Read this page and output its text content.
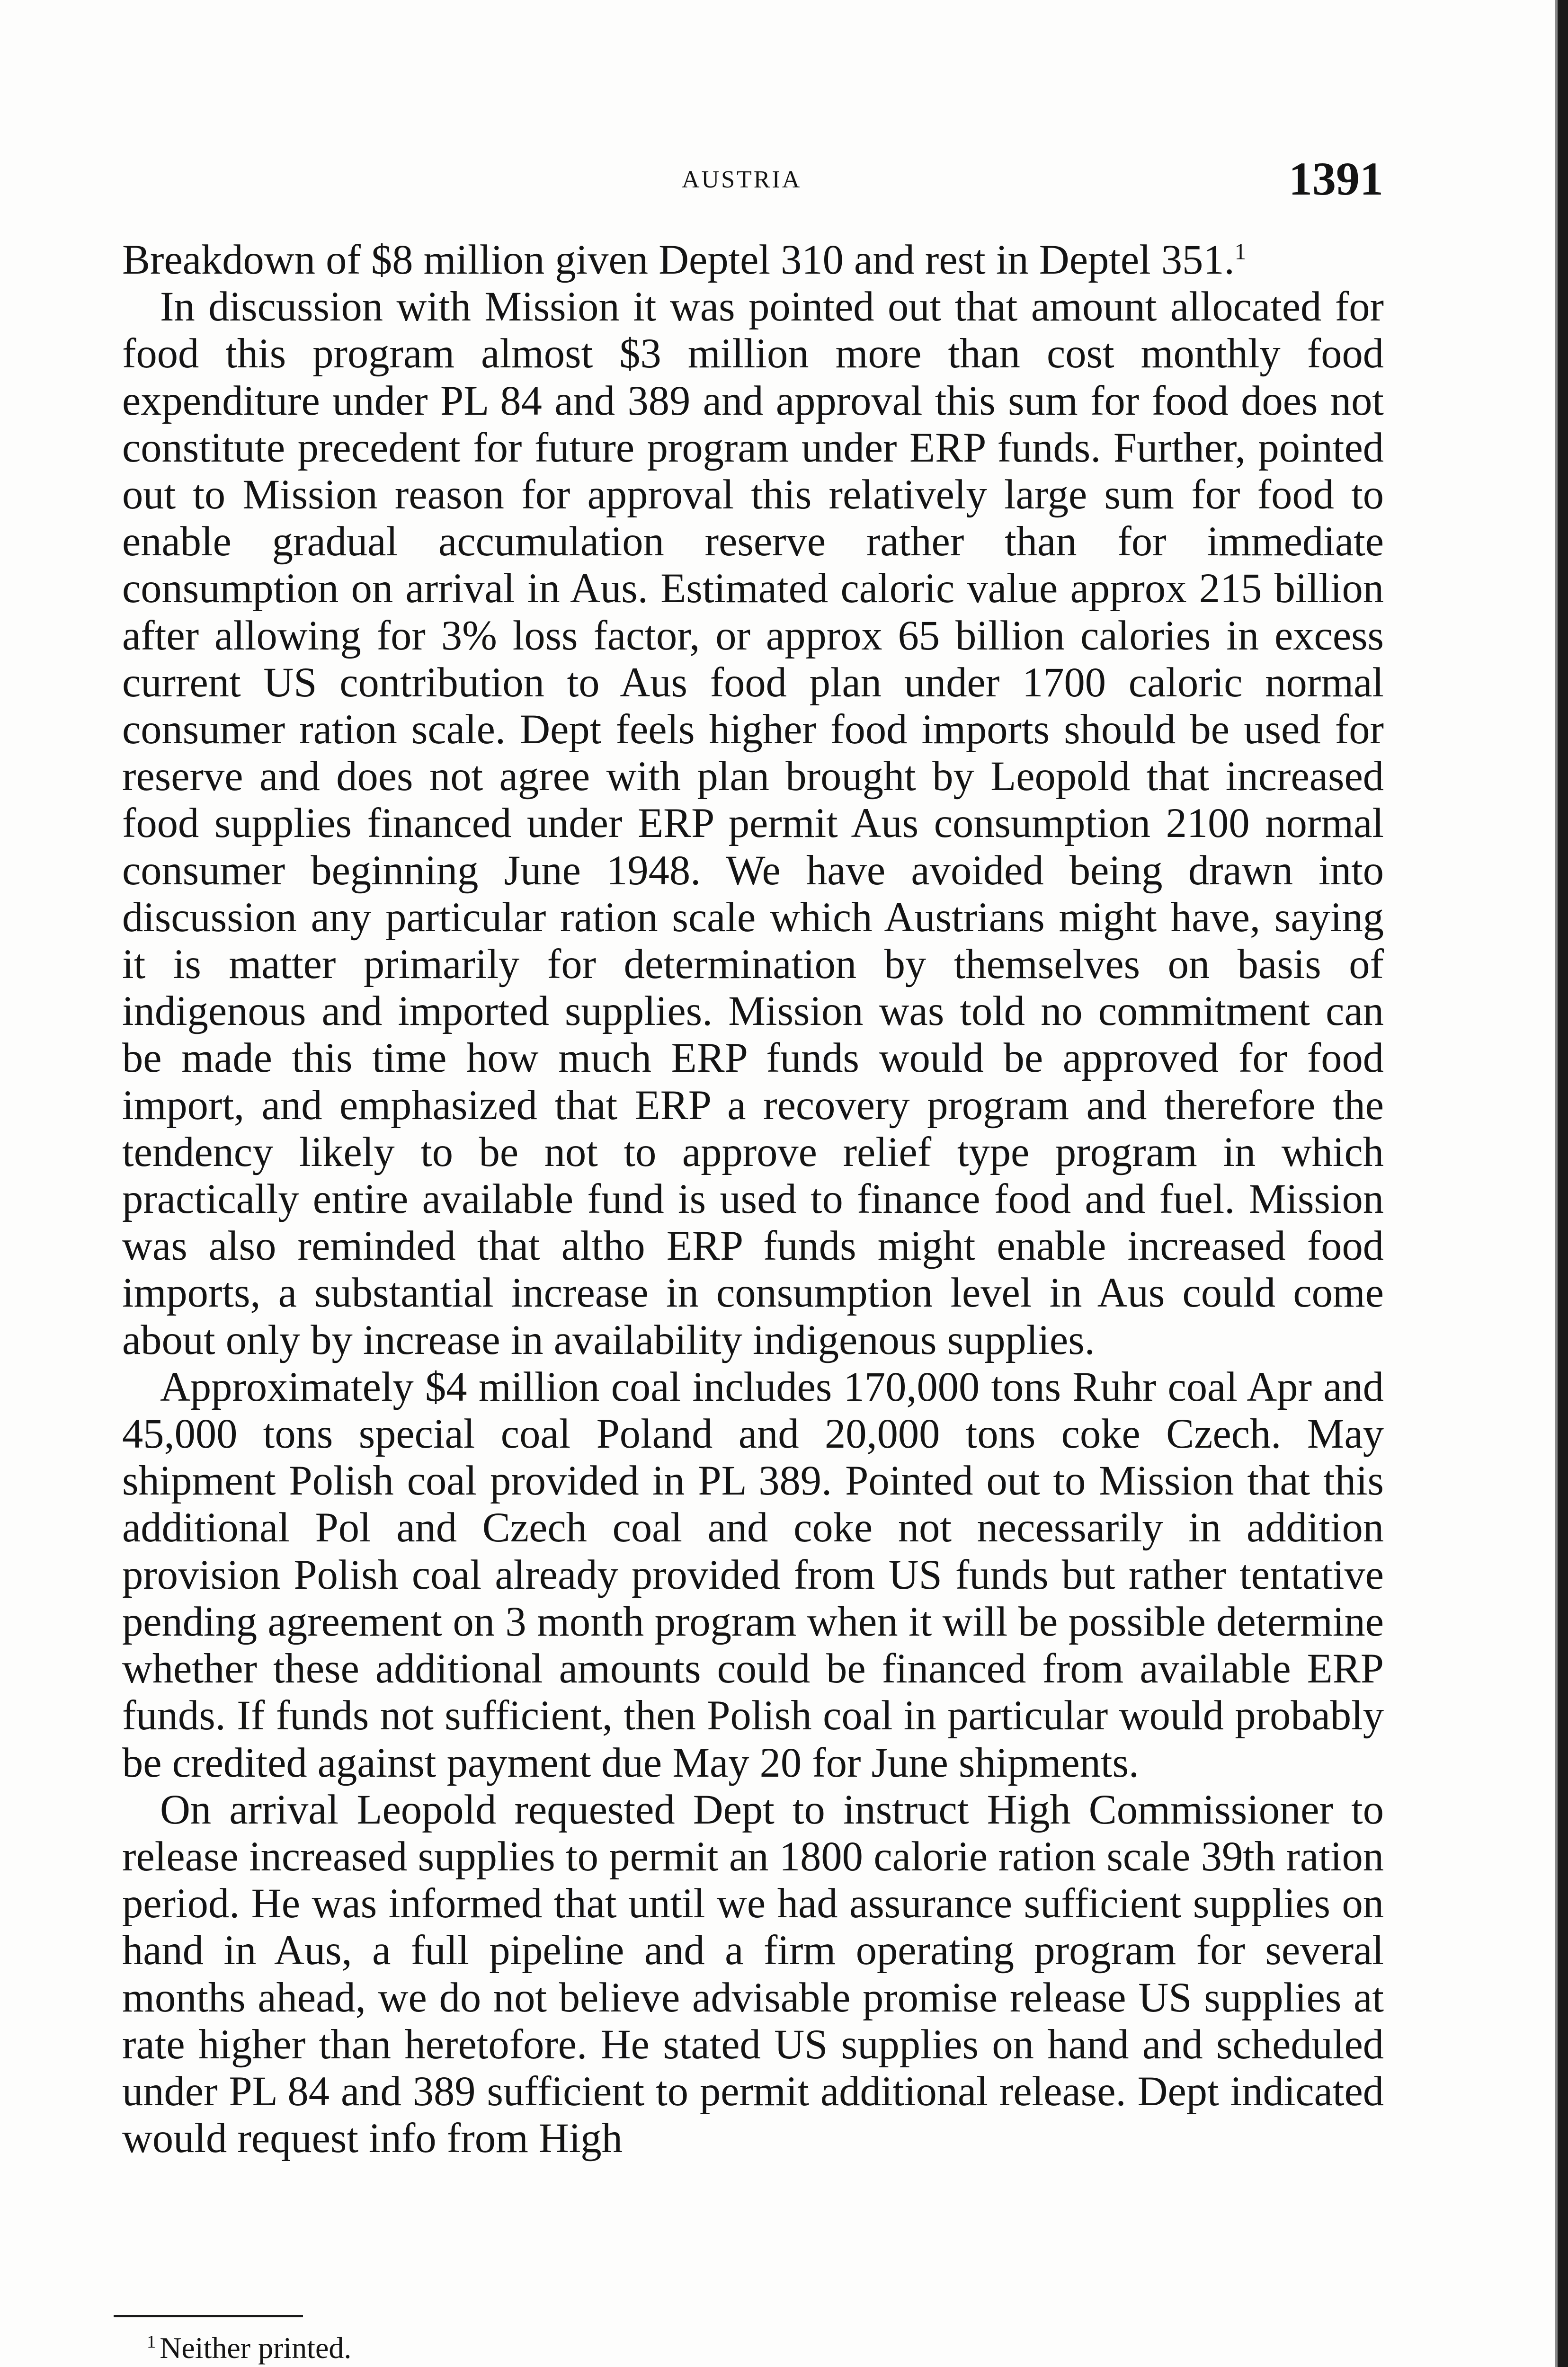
AUSTRIA	1391

Breakdown of $8 million given Deptel 310 and rest in Deptel 351.$^1$

In discussion with Mission it was pointed out that amount allocated for food this program almost $3 million more than cost monthly food expenditure under PL 84 and 389 and approval this sum for food does not constitute precedent for future program under ERP funds. Further, pointed out to Mission reason for approval this relatively large sum for food to enable gradual accumulation reserve rather than for immediate consumption on arrival in Aus. Estimated caloric value approx 215 billion after allowing for 3% loss factor, or approx 65 billion calories in excess current US contribution to Aus food plan under 1700 caloric normal consumer ration scale. Dept feels higher food imports should be used for reserve and does not agree with plan brought by Leopold that increased food supplies financed under ERP permit Aus consumption 2100 normal consumer beginning June 1948. We have avoided being drawn into discussion any particular ration scale which Austrians might have, saying it is matter primarily for determination by themselves on basis of indigenous and imported supplies. Mission was told no commitment can be made this time how much ERP funds would be approved for food import, and emphasized that ERP a recovery program and therefore the tendency likely to be not to approve relief type program in which practically entire available fund is used to finance food and fuel. Mission was also reminded that altho ERP funds might enable increased food imports, a substantial increase in consumption level in Aus could come about only by increase in availability indigenous supplies.

Approximately $4 million coal includes 170,000 tons Ruhr coal Apr and 45,000 tons special coal Poland and 20,000 tons coke Czech. May shipment Polish coal provided in PL 389. Pointed out to Mission that this additional Pol and Czech coal and coke not necessarily in addition provision Polish coal already provided from US funds but rather tentative pending agreement on 3 month program when it will be possible determine whether these additional amounts could be financed from available ERP funds. If funds not sufficient, then Polish coal in particular would probably be credited against payment due May 20 for June shipments.

On arrival Leopold requested Dept to instruct High Commissioner to release increased supplies to permit an 1800 calorie ration scale 39th ration period. He was informed that until we had assurance sufficient supplies on hand in Aus, a full pipeline and a firm operating program for several months ahead, we do not believe advisable promise release US supplies at rate higher than heretofore. He stated US supplies on hand and scheduled under PL 84 and 389 sufficient to permit additional release. Dept indicated would request info from High

$^1$ Neither printed.
